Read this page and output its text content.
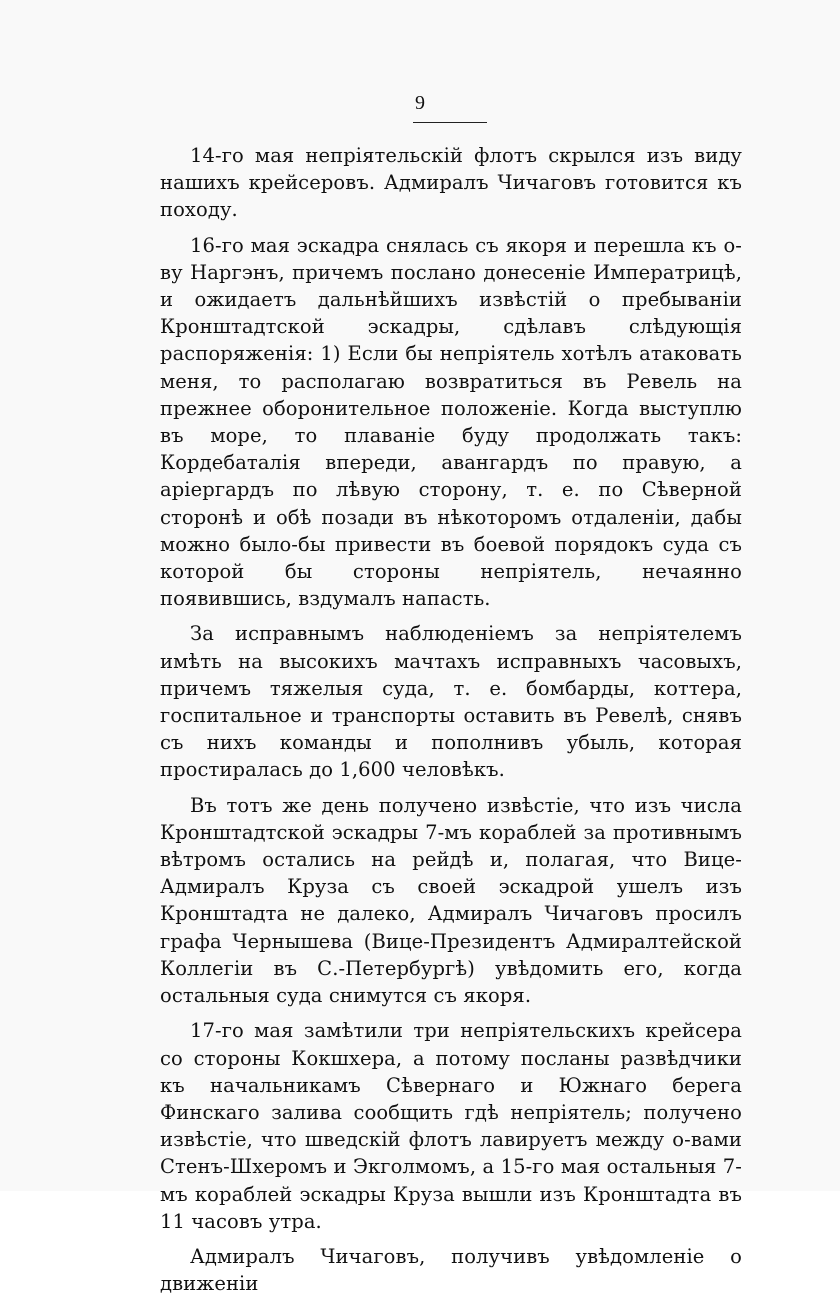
9

14-го мая непріятельскій флотъ скрылся изъ виду нашихъ крейсеровъ. Адмиралъ Чичаговъ готовится къ походу.

16-го мая эскадра снялась съ якоря и перешла къ о-ву Наргэнъ, причемъ послано донесеніе Императрицѣ, и ожидаетъ дальнѣйшихъ извѣстій о пребываніи Кронштадтской эскадры, сдѣлавъ слѣдующія распоряженія: 1) Если бы непріятель хотѣлъ атаковать меня, то располагаю возвратиться въ Ревель на прежнее оборонительное положеніе. Когда выступлю въ море, то плаваніе буду продолжать такъ: Кордебаталія впереди, авангардъ по правую, а аріергардъ по лѣвую сторону, т. е. по Сѣверной сторонѣ и обѣ позади въ нѣкоторомъ отдаленіи, дабы можно было-бы привести въ боевой порядокъ суда съ которой бы стороны непріятель, нечаянно появившись, вздумалъ напасть.

За исправнымъ наблюденіемъ за непріятелемъ имѣть на высокихъ мачтахъ исправныхъ часовыхъ, причемъ тяжелыя суда, т. е. бомбарды, коттера, госпитальное и транспорты оставить въ Ревелѣ, снявъ съ нихъ команды и пополнивъ убыль, которая простиралась до 1,600 человѣкъ.

Въ тотъ же день получено извѣстіе, что изъ числа Кронштадтской эскадры 7-мъ кораблей за противнымъ вѣтромъ остались на рейдѣ и, полагая, что Вице-Адмиралъ Круза съ своей эскадрой ушелъ изъ Кронштадта не далеко, Адмиралъ Чичаговъ просилъ графа Чернышева (Вице-Президентъ Адмиралтейской Коллегіи въ С.-Петербургѣ) увѣдомить его, когда остальныя суда снимутся съ якоря.

17-го мая замѣтили три непріятельскихъ крейсера со стороны Кокшхера, а потому посланы развѣдчики къ начальникамъ Сѣвернаго и Южнаго берега Финскаго залива сообщить гдѣ непріятель; получено извѣстіе, что шведскій флотъ лавируетъ между о-вами Стенъ-Шхеромъ и Экголмомъ, а 15-го мая остальныя 7-мъ кораблей эскадры Круза вышли изъ Кронштадта въ 11 часовъ утра.

Адмиралъ Чичаговъ, получивъ увѣдомленіе о движеніи
